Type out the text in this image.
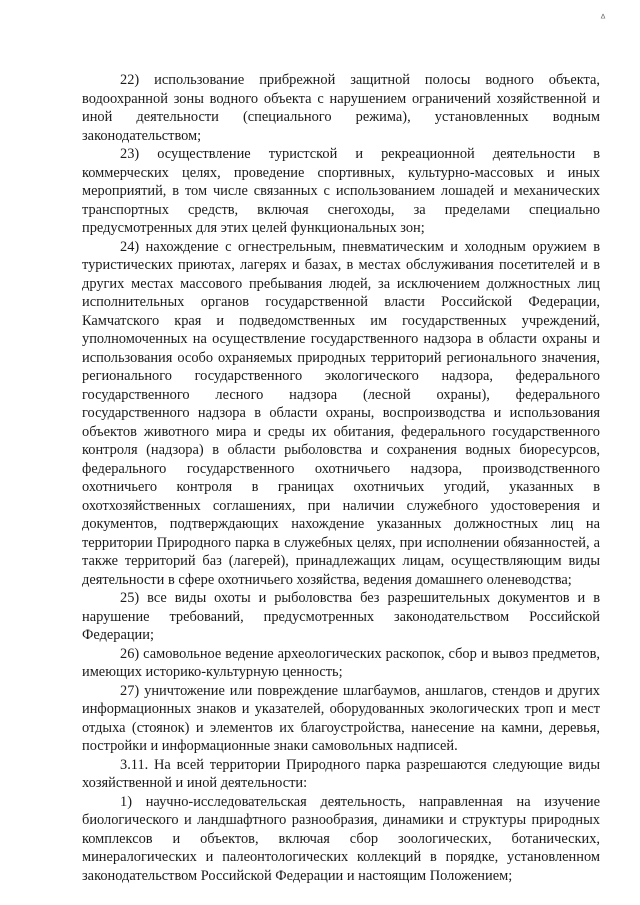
ᐞ

22) использование прибрежной защитной полосы водного объекта, водоохранной зоны водного объекта с нарушением ограничений хозяйственной и иной деятельности (специального режима), установленных водным законодательством;

23) осуществление туристской и рекреационной деятельности в коммерческих целях, проведение спортивных, культурно-массовых и иных мероприятий, в том числе связанных с использованием лошадей и механических транспортных средств, включая снегоходы, за пределами специально предусмотренных для этих целей функциональных зон;

24) нахождение с огнестрельным, пневматическим и холодным оружием в туристических приютах, лагерях и базах, в местах обслуживания посетителей и в других местах массового пребывания людей, за исключением должностных лиц исполнительных органов государственной власти Российской Федерации, Камчатского края и подведомственных им государственных учреждений, уполномоченных на осуществление государственного надзора в области охраны и использования особо охраняемых природных территорий регионального значения, регионального государственного экологического надзора, федерального государственного лесного надзора (лесной охраны), федерального государственного надзора в области охраны, воспроизводства и использования объектов животного мира и среды их обитания, федерального государственного контроля (надзора) в области рыболовства и сохранения водных биоресурсов, федерального государственного охотничьего надзора, производственного охотничьего контроля в границах охотничьих угодий, указанных в охотхозяйственных соглашениях, при наличии служебного удостоверения и документов, подтверждающих нахождение указанных должностных лиц на территории Природного парка в служебных целях, при исполнении обязанностей, а также территорий баз (лагерей), принадлежащих лицам, осуществляющим виды деятельности в сфере охотничьего хозяйства, ведения домашнего оленеводства;

25) все виды охоты и рыболовства без разрешительных документов и в нарушение требований, предусмотренных законодательством Российской Федерации;

26) самовольное ведение археологических раскопок, сбор и вывоз предметов, имеющих историко-культурную ценность;

27) уничтожение или повреждение шлагбаумов, аншлагов, стендов и других информационных знаков и указателей, оборудованных экологических троп и мест отдыха (стоянок) и элементов их благоустройства, нанесение на камни, деревья, постройки и информационные знаки самовольных надписей.

3.11. На всей территории Природного парка разрешаются следующие виды хозяйственной и иной деятельности:

1) научно-исследовательская деятельность, направленная на изучение биологического и ландшафтного разнообразия, динамики и структуры природных комплексов и объектов, включая сбор зоологических, ботанических, минералогических и палеонтологических коллекций в порядке, установленном законодательством Российской Федерации и настоящим Положением;
